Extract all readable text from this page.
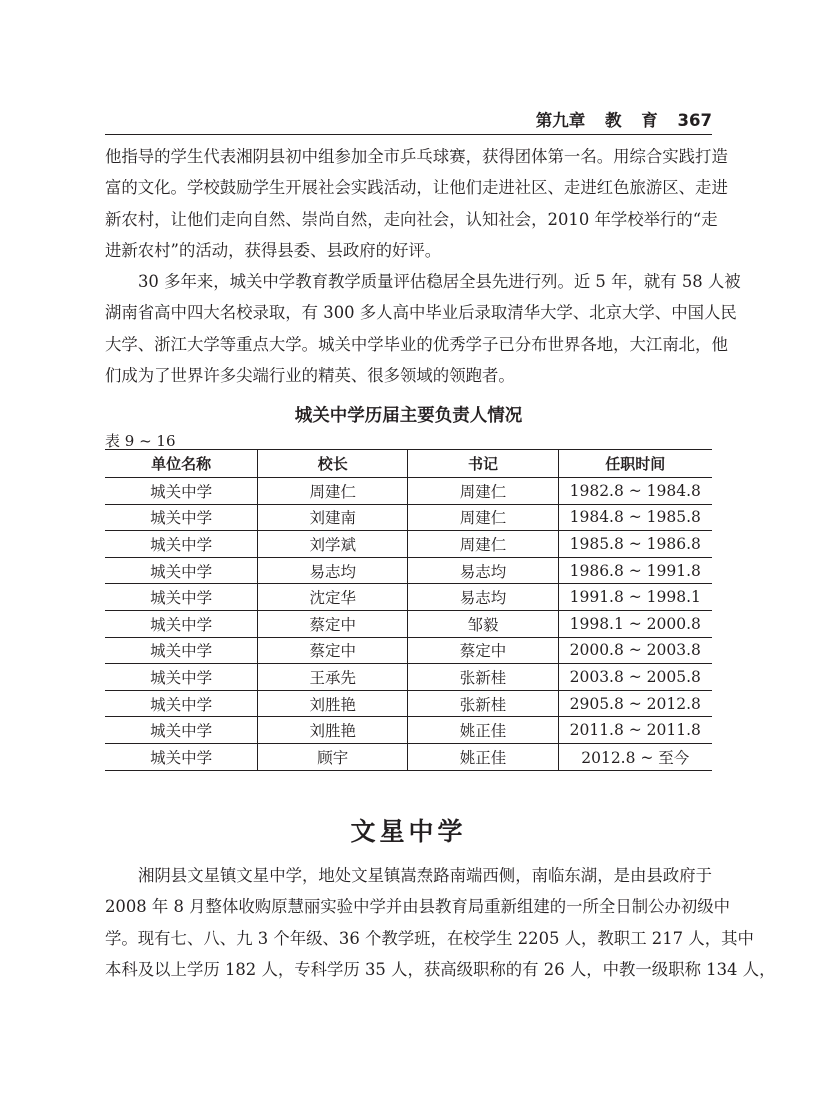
第九章 教 育 367
他指导的学生代表湘阴县初中组参加全市乒乓球赛，获得团体第一名。用综合实践打造
富的文化。学校鼓励学生开展社会实践活动，让他们走进社区、走进红色旅游区、走进
新农村，让他们走向自然、崇尚自然，走向社会，认知社会，2010 年学校举行的“走
进新农村”的活动，获得县委、县政府的好评。
30 多年来，城关中学教育教学质量评估稳居全县先进行列。近 5 年，就有 58 人被
湖南省高中四大名校录取，有 300 多人高中毕业后录取清华大学、北京大学、中国人民
大学、浙江大学等重点大学。城关中学毕业的优秀学子已分布世界各地，大江南北，他
们成为了世界许多尖端行业的精英、很多领域的领跑者。
城关中学历届主要负责人情况
表 9 ~ 16
单位名称	校长	书记	任职时间
城关中学	周建仁	周建仁	1982.8 ~ 1984.8
城关中学	刘建南	周建仁	1984.8 ~ 1985.8
城关中学	刘学斌	周建仁	1985.8 ~ 1986.8
城关中学	易志均	易志均	1986.8 ~ 1991.8
城关中学	沈定华	易志均	1991.8 ~ 1998.1
城关中学	蔡定中	邹毅	1998.1 ~ 2000.8
城关中学	蔡定中	蔡定中	2000.8 ~ 2003.8
城关中学	王承先	张新桂	2003.8 ~ 2005.8
城关中学	刘胜艳	张新桂	2905.8 ~ 2012.8
城关中学	刘胜艳	姚正佳	2011.8 ~ 2011.8
城关中学	顾宇	姚正佳	2012.8 ~ 至今
文星中学
湘阴县文星镇文星中学，地处文星镇嵩焘路南端西侧，南临东湖，是由县政府于
2008 年 8 月整体收购原慧丽实验中学并由县教育局重新组建的一所全日制公办初级中
学。现有七、八、九 3 个年级、36 个教学班，在校学生 2205 人，教职工 217 人，其中
本科及以上学历 182 人，专科学历 35 人，获高级职称的有 26 人，中教一级职称 134 人，
